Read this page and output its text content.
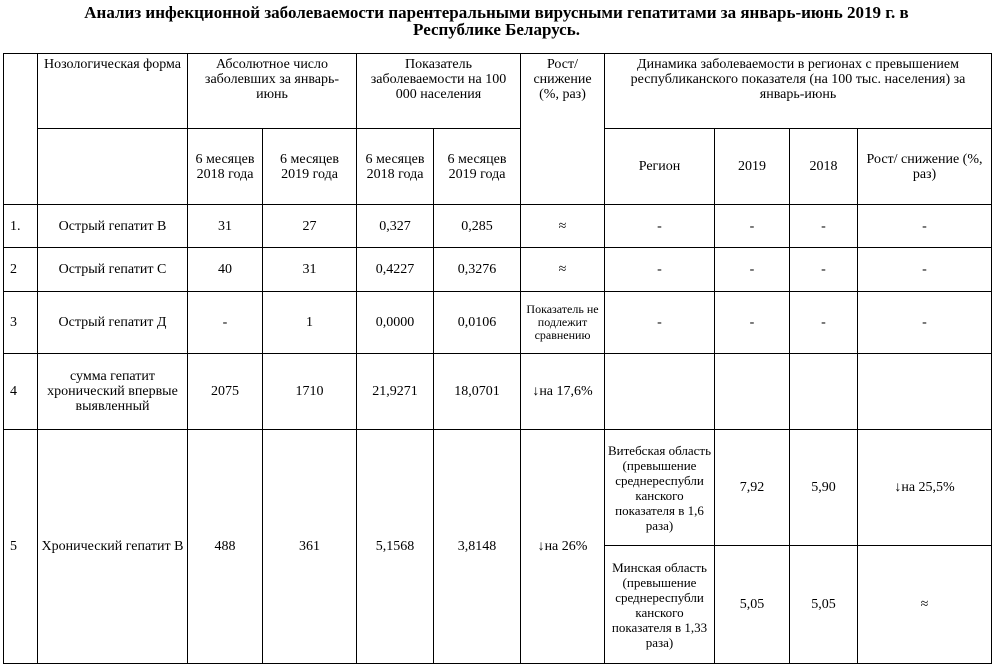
Анализ инфекционной заболеваемости парентеральными вирусными гепатитами за январь-июнь 2019 г. в
Республике Беларусь.
	Нозологическая форма	Абсолютное число заболевших за январь-июнь		Показатель заболеваемости на 100 000 населения		Рост/ снижение (%, раз)	Динамика заболеваемости в регионах с превышением республиканского показателя (на 100 тыс. населения) за январь-июнь			
		6 месяцев 2018 года	6 месяцев 2019 года	6 месяцев 2018 года	6 месяцев 2019 года		Регион	2019	2018	Рост/ снижение (%, раз)
1.	Острый гепатит В	31	27	0,327	0,285	≈	-	-	-	-
2	Острый гепатит С	40	31	0,4227	0,3276	≈	-	-	-	-
3	Острый гепатит Д	-	1	0,0000	0,0106	Показатель не подлежит сравнению	-	-	-	-
4	сумма гепатит хронический впервые выявленный	2075	1710	21,9271	18,0701	↓на 17,6%				
5	Хронический гепатит В	488	361	5,1568	3,8148	↓на 26%	Витебская область (превышение среднереспубли канского показателя в 1,6 раза)	7,92	5,90	↓на 25,5%
							Минская область (превышение среднереспубли канского показателя в 1,33 раза)	5,05	5,05	≈
